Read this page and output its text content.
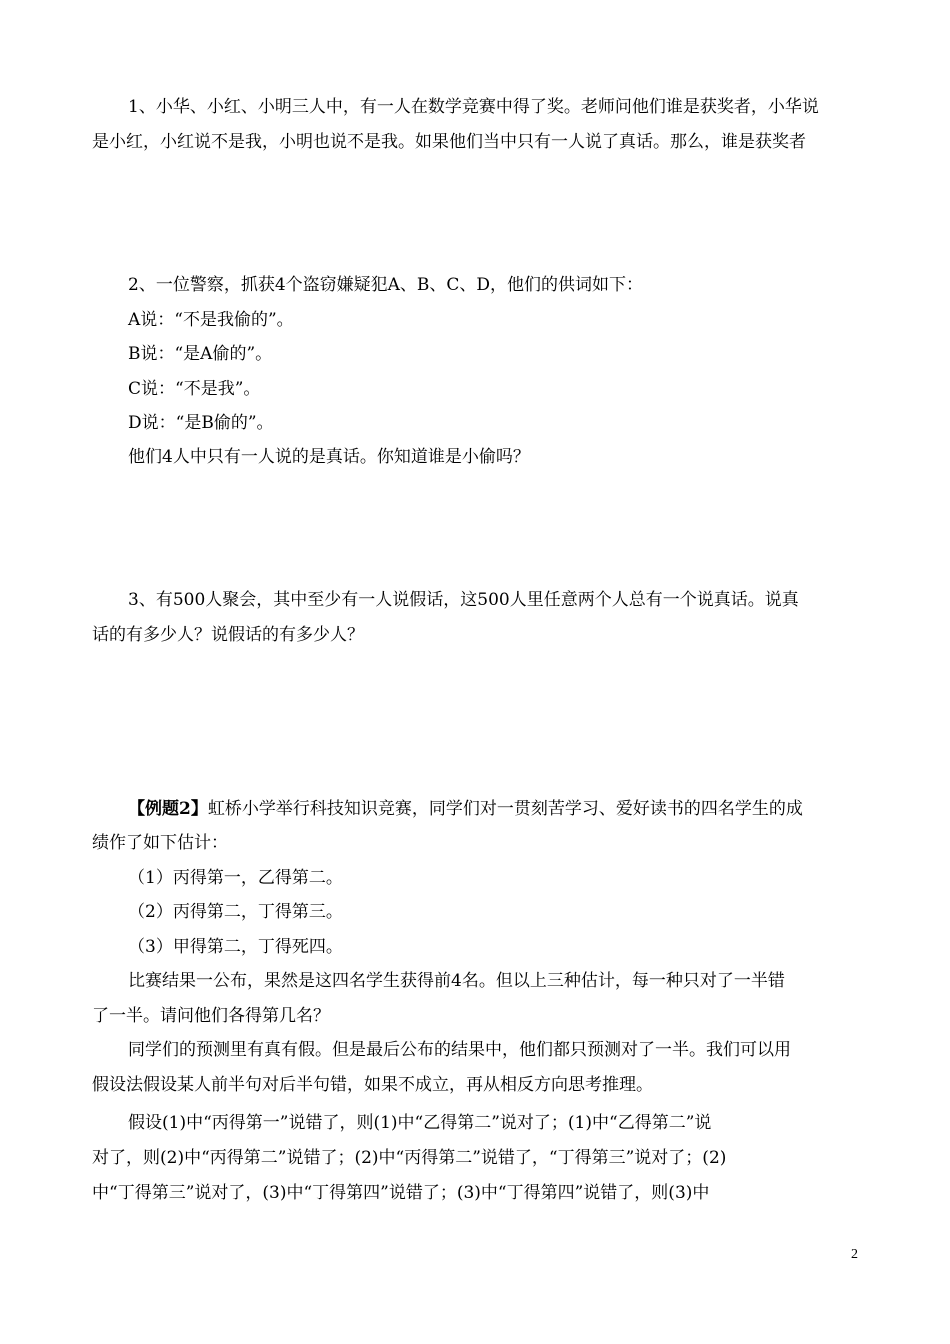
1、小华、小红、小明三人中，有一人在数学竞赛中得了奖。老师问他们谁是获奖者，小华说
是小红，小红说不是我，小明也说不是我。如果他们当中只有一人说了真话。那么，谁是获奖者
2、一位警察，抓获4个盗窃嫌疑犯A、B、C、D，他们的供词如下：
A说：“不是我偷的”。
B说：“是A偷的”。
C说：“不是我”。
D说：“是B偷的”。
他们4人中只有一人说的是真话。你知道谁是小偷吗？
3、有500人聚会，其中至少有一人说假话，这500人里任意两个人总有一个说真话。说真
话的有多少人？说假话的有多少人？
【例题2】虹桥小学举行科技知识竞赛，同学们对一贯刻苦学习、爱好读书的四名学生的成
绩作了如下估计：
（1）丙得第一，乙得第二。
（2）丙得第二，丁得第三。
（3）甲得第二，丁得死四。
比赛结果一公布，果然是这四名学生获得前4名。但以上三种估计，每一种只对了一半错
了一半。请问他们各得第几名？
同学们的预测里有真有假。但是最后公布的结果中，他们都只预测对了一半。我们可以用
假设法假设某人前半句对后半句错，如果不成立，再从相反方向思考推理。
假设(1)中“丙得第一”说错了，则(1)中“乙得第二”说对了；(1)中“乙得第二”说
对了，则(2)中“丙得第二”说错了；(2)中“丙得第二”说错了，“丁得第三”说对了；(2)
中“丁得第三”说对了，(3)中“丁得第四”说错了；(3)中“丁得第四”说错了，则(3)中
2
